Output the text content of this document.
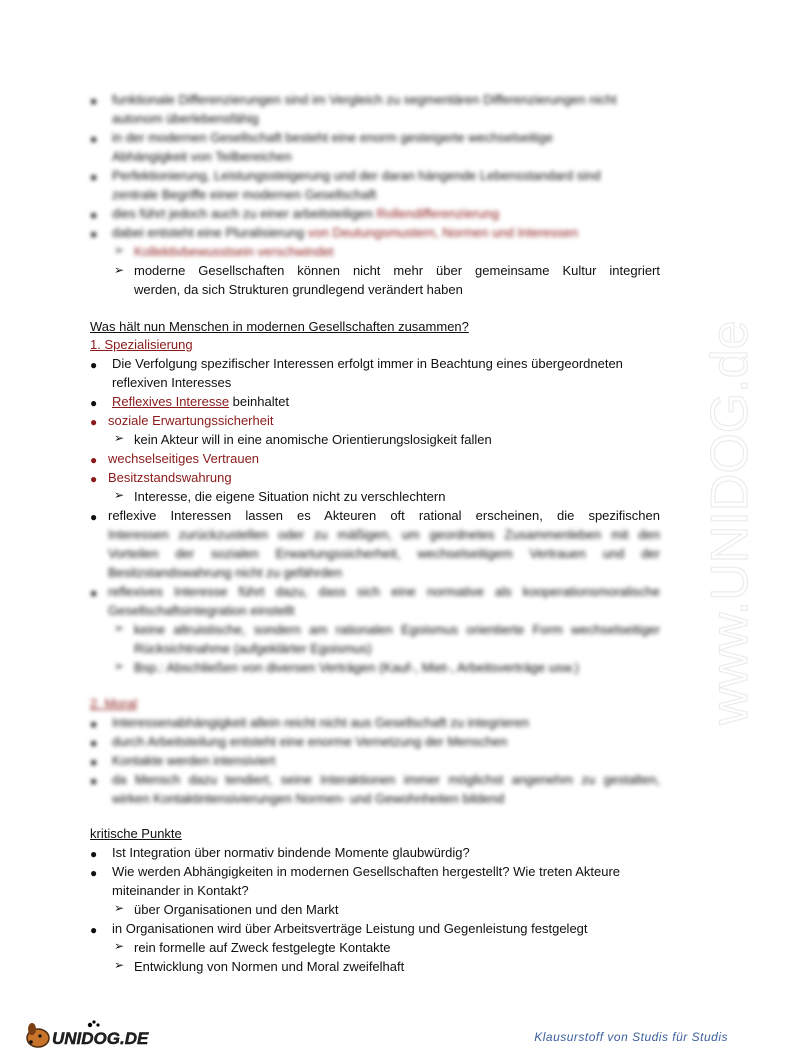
● funktionale Differenzierungen sind im Vergleich zu segmentären Differenzierungen nicht
autonom überlebensfähig
● in der modernen Gesellschaft besteht eine enorm gesteigerte wechselseitige
Abhängigkeit von Teilbereichen
● Perfektionierung, Leistungssteigerung und der daran hängende Lebensstandard sind
zentrale Begriffe einer modernen Gesellschaft
● dies führt jedoch auch zu einer arbeitsteiligen Rollendifferenzierung
● dabei entsteht eine Pluralisierung von Deutungsmustern, Normen und Interessen
➢ Kollektivbewusstsein verschwindet
➢ moderne Gesellschaften können nicht mehr über gemeinsame Kultur integriert
werden, da sich Strukturen grundlegend verändert haben
Was hält nun Menschen in modernen Gesellschaften zusammen?
1. Spezialisierung
● Die Verfolgung spezifischer Interessen erfolgt immer in Beachtung eines übergeordneten
reflexiven Interesses
● Reflexives Interesse beinhaltet
● soziale Erwartungssicherheit
➢ kein Akteur will in eine anomische Orientierungslosigkeit fallen
● wechselseitiges Vertrauen
● Besitzstandswahrung
➢ Interesse, die eigene Situation nicht zu verschlechtern
● reflexive Interessen lassen es Akteuren oft rational erscheinen, die spezifischen
Interessen zurückzustellen oder zu mäßigen, um geordnetes Zusammenleben mit den
Vorteilen der sozialen Erwartungssicherheit, wechselseitigem Vertrauen und der
Besitzstandswahrung nicht zu gefährden
● reflexives Interesse führt dazu, dass sich eine normative als kooperationsmoralische
Gesellschaftsintegration einstellt
➢ keine altruistische, sondern am rationalen Egoismus orientierte Form wechselseitiger
Rücksichtnahme (aufgeklärter Egoismus)
➢ Bsp.: Abschließen von diversen Verträgen (Kauf-, Miet-, Arbeitsverträge usw.)
2. Moral
● Interessenabhängigkeit allein reicht nicht aus Gesellschaft zu integrieren
● durch Arbeitsteilung entsteht eine enorme Vernetzung der Menschen
● Kontakte werden intensiviert
● da Mensch dazu tendiert, seine Interaktionen immer möglichst angenehm zu gestalten,
wirken Kontaktintensivierungen Normen- und Gewohnheiten bildend
kritische Punkte
● Ist Integration über normativ bindende Momente glaubwürdig?
● Wie werden Abhängigkeiten in modernen Gesellschaften hergestellt? Wie treten Akteure
miteinander in Kontakt?
➢ über Organisationen und den Markt
● in Organisationen wird über Arbeitsverträge Leistung und Gegenleistung festgelegt
➢ rein formelle auf Zweck festgelegte Kontakte
➢ Entwicklung von Normen und Moral zweifelhaft
www.UNIDOG.de
UNIDOG.DE	Klausurstoff von Studis für Studis
